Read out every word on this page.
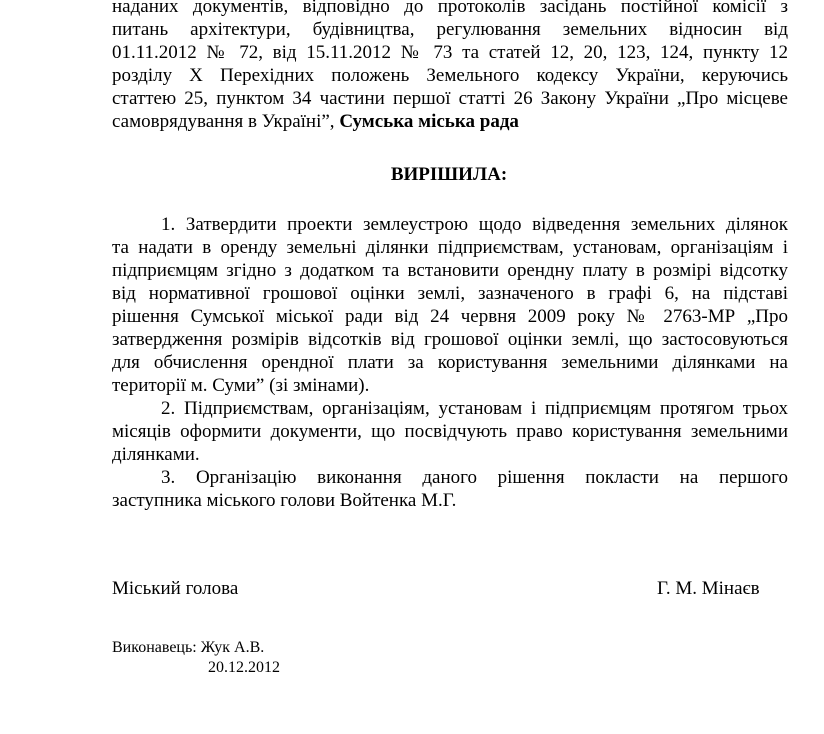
наданих документів, відповідно до протоколів засідань постійної комісії з
питань архітектури, будівництва, регулювання земельних відносин від
01.11.2012 № 72, від 15.11.2012 № 73 та статей 12, 20, 123, 124, пункту 12
розділу Х Перехідних положень Земельного кодексу України, керуючись
статтею 25, пунктом 34 частини першої статті 26 Закону України „Про місцеве
самоврядування в Україні”, Сумська міська рада
ВИРІШИЛА:
1. Затвердити проекти землеустрою щодо відведення земельних ділянок
та надати в оренду земельні ділянки підприємствам, установам, організаціям і
підприємцям згідно з додатком та встановити орендну плату в розмірі відсотку
від нормативної грошової оцінки землі, зазначеного в графі 6, на підставі
рішення Сумської міської ради від 24 червня 2009 року № 2763-МР „Про
затвердження розмірів відсотків від грошової оцінки землі, що застосовуються
для обчислення орендної плати за користування земельними ділянками на
території м. Суми” (зі змінами).
2. Підприємствам, організаціям, установам і підприємцям протягом трьох
місяців оформити документи, що посвідчують право користування земельними
ділянками.
3. Організацію виконання даного рішення покласти на першого
заступника міського голови Войтенка М.Г.
Міський голова	Г. М. Мінаєв
Виконавець: Жук А.В.
20.12.2012
